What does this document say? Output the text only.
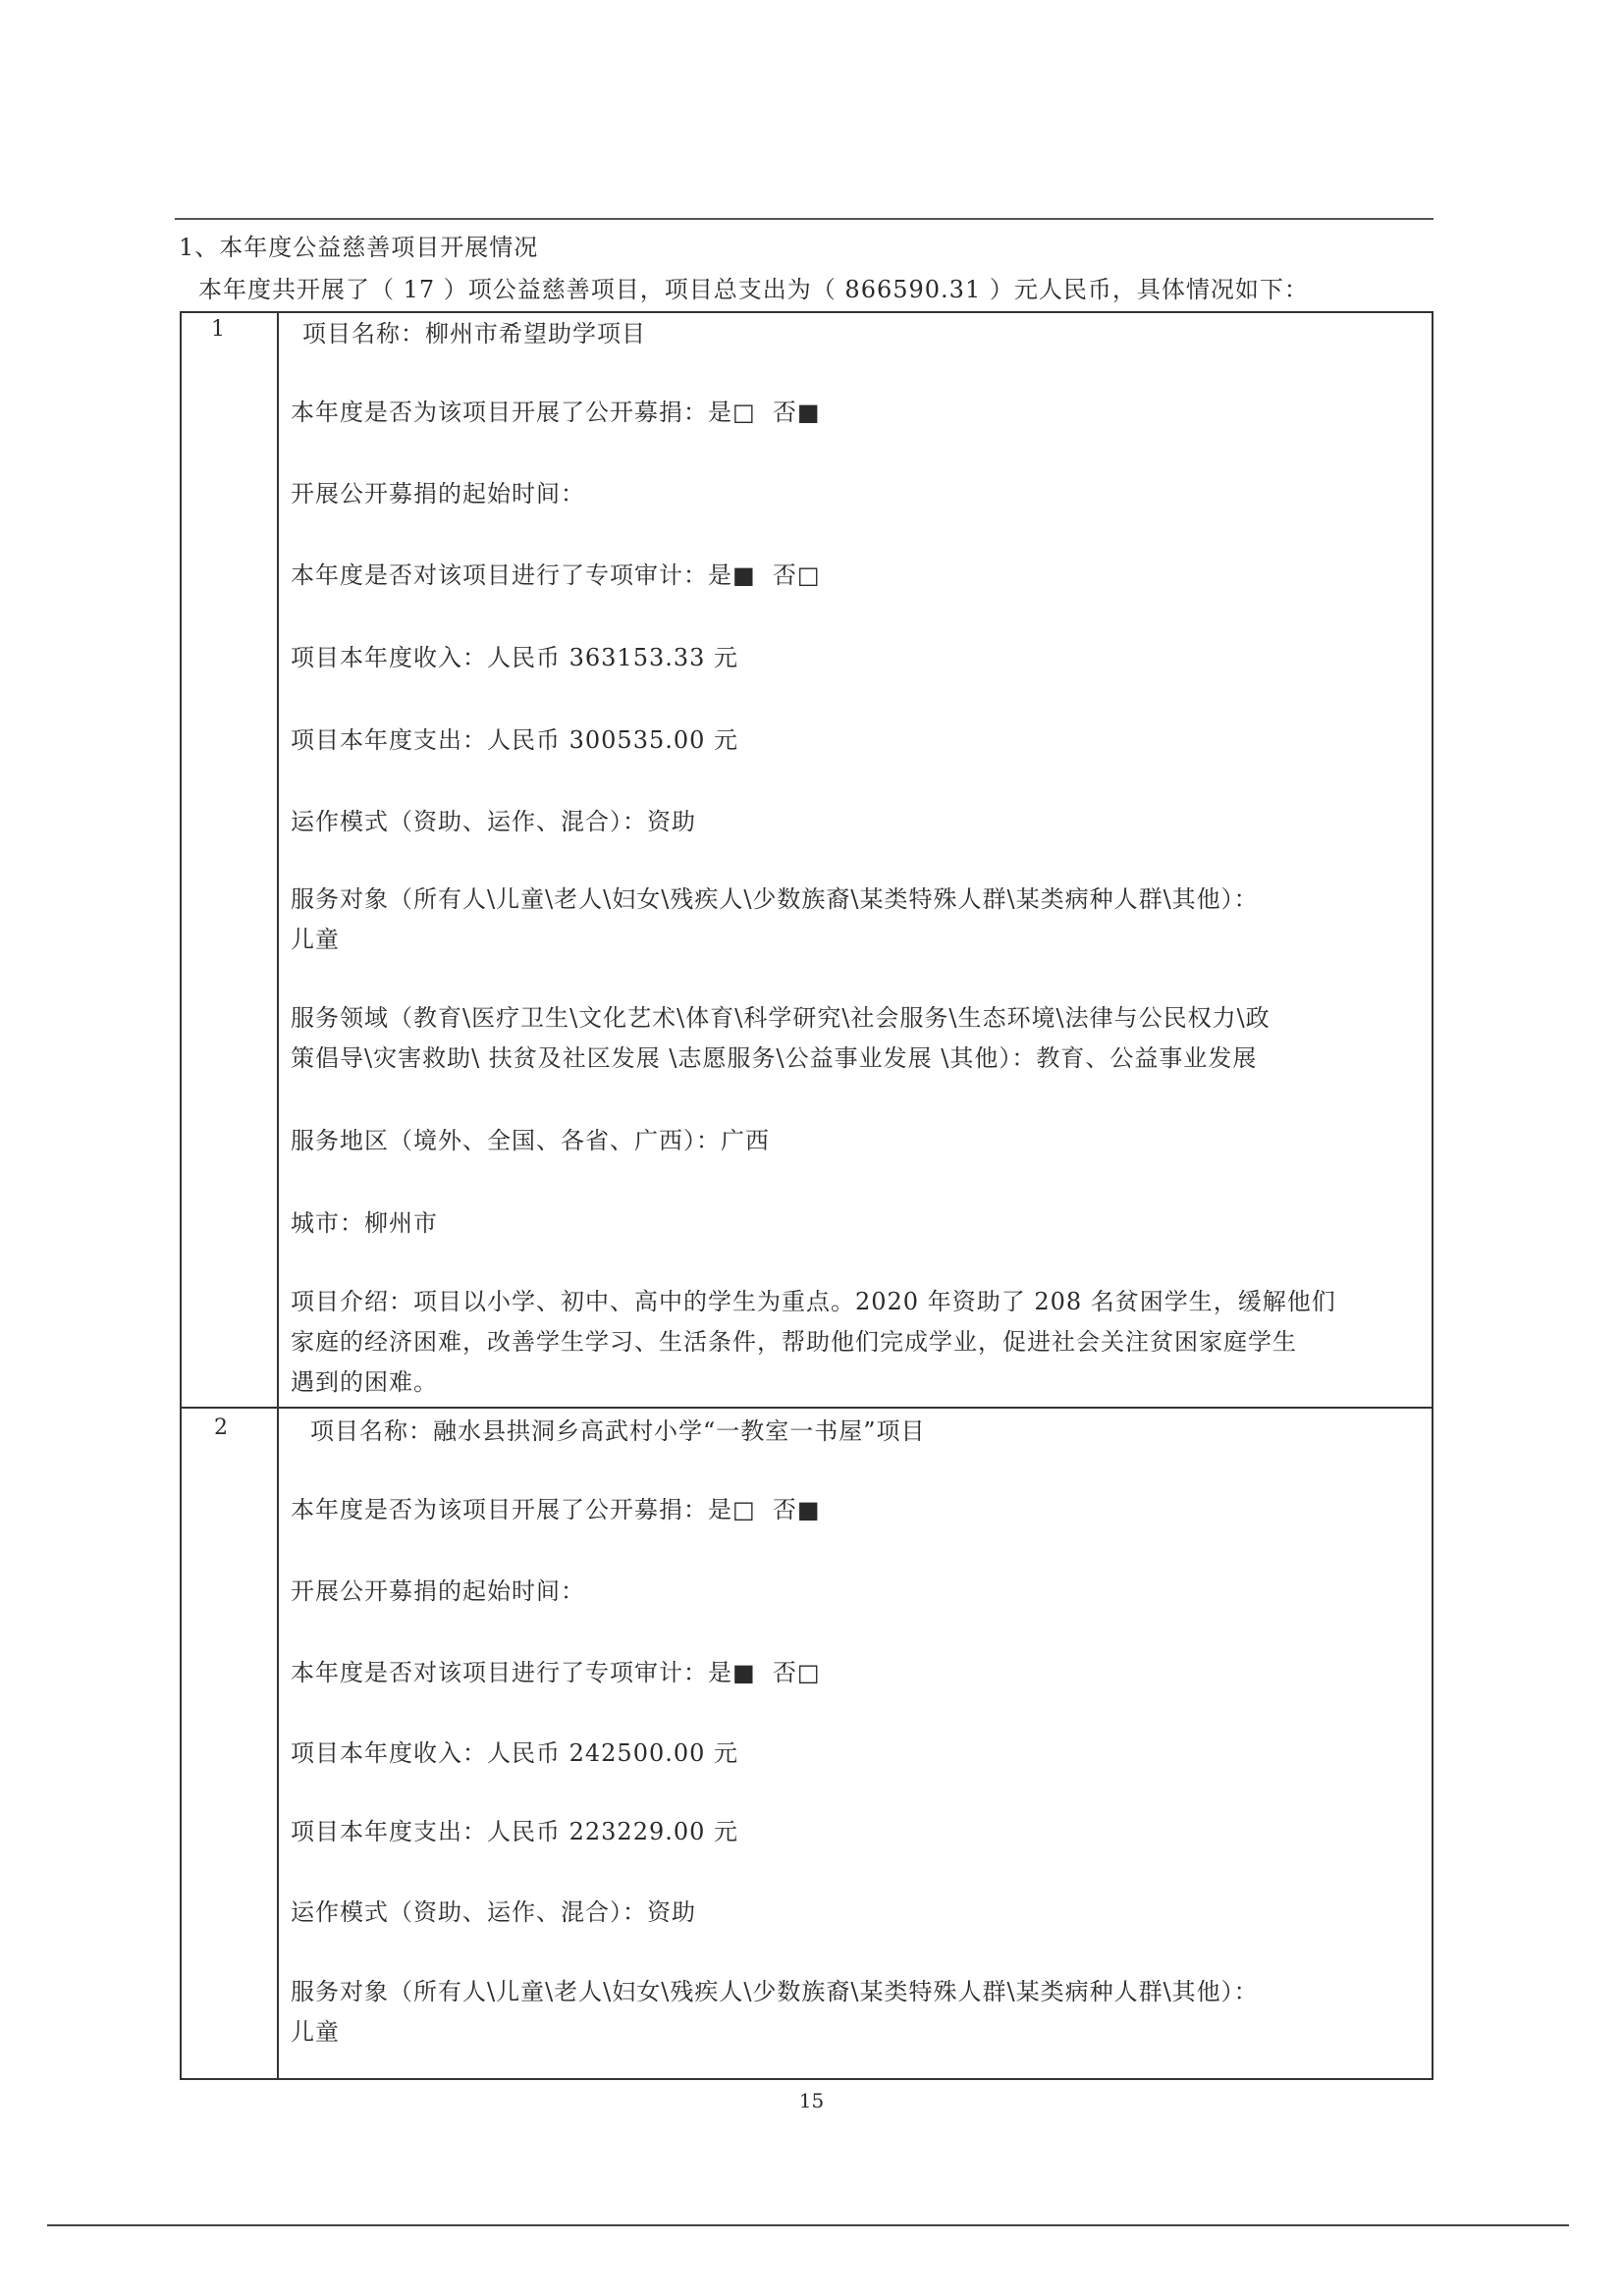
1、本年度公益慈善项目开展情况
本年度共开展了（ 17 ）项公益慈善项目，项目总支出为（ 866590.31 ）元人民币，具体情况如下：
1	项目名称：柳州市希望助学项目
本年度是否为该项目开展了公开募捐：是□  否■
开展公开募捐的起始时间：
本年度是否对该项目进行了专项审计：是■  否□
项目本年度收入：人民币 363153.33 元
项目本年度支出：人民币 300535.00 元
运作模式（资助、运作、混合）：资助
服务对象（所有人\儿童\老人\妇女\残疾人\少数族裔\某类特殊人群\某类病种人群\其他）：
儿童
服务领域（教育\医疗卫生\文化艺术\体育\科学研究\社会服务\生态环境\法律与公民权力\政
策倡导\灾害救助\ 扶贫及社区发展 \志愿服务\公益事业发展 \其他）：教育、公益事业发展
服务地区（境外、全国、各省、广西）：广西
城市：柳州市
项目介绍：项目以小学、初中、高中的学生为重点。2020 年资助了 208 名贫困学生，缓解他们
家庭的经济困难，改善学生学习、生活条件，帮助他们完成学业，促进社会关注贫困家庭学生
遇到的困难。
2	项目名称：融水县拱洞乡高武村小学“一教室一书屋”项目
本年度是否为该项目开展了公开募捐：是□  否■
开展公开募捐的起始时间：
本年度是否对该项目进行了专项审计：是■  否□
项目本年度收入：人民币 242500.00 元
项目本年度支出：人民币 223229.00 元
运作模式（资助、运作、混合）：资助
服务对象（所有人\儿童\老人\妇女\残疾人\少数族裔\某类特殊人群\某类病种人群\其他）：
儿童
15
